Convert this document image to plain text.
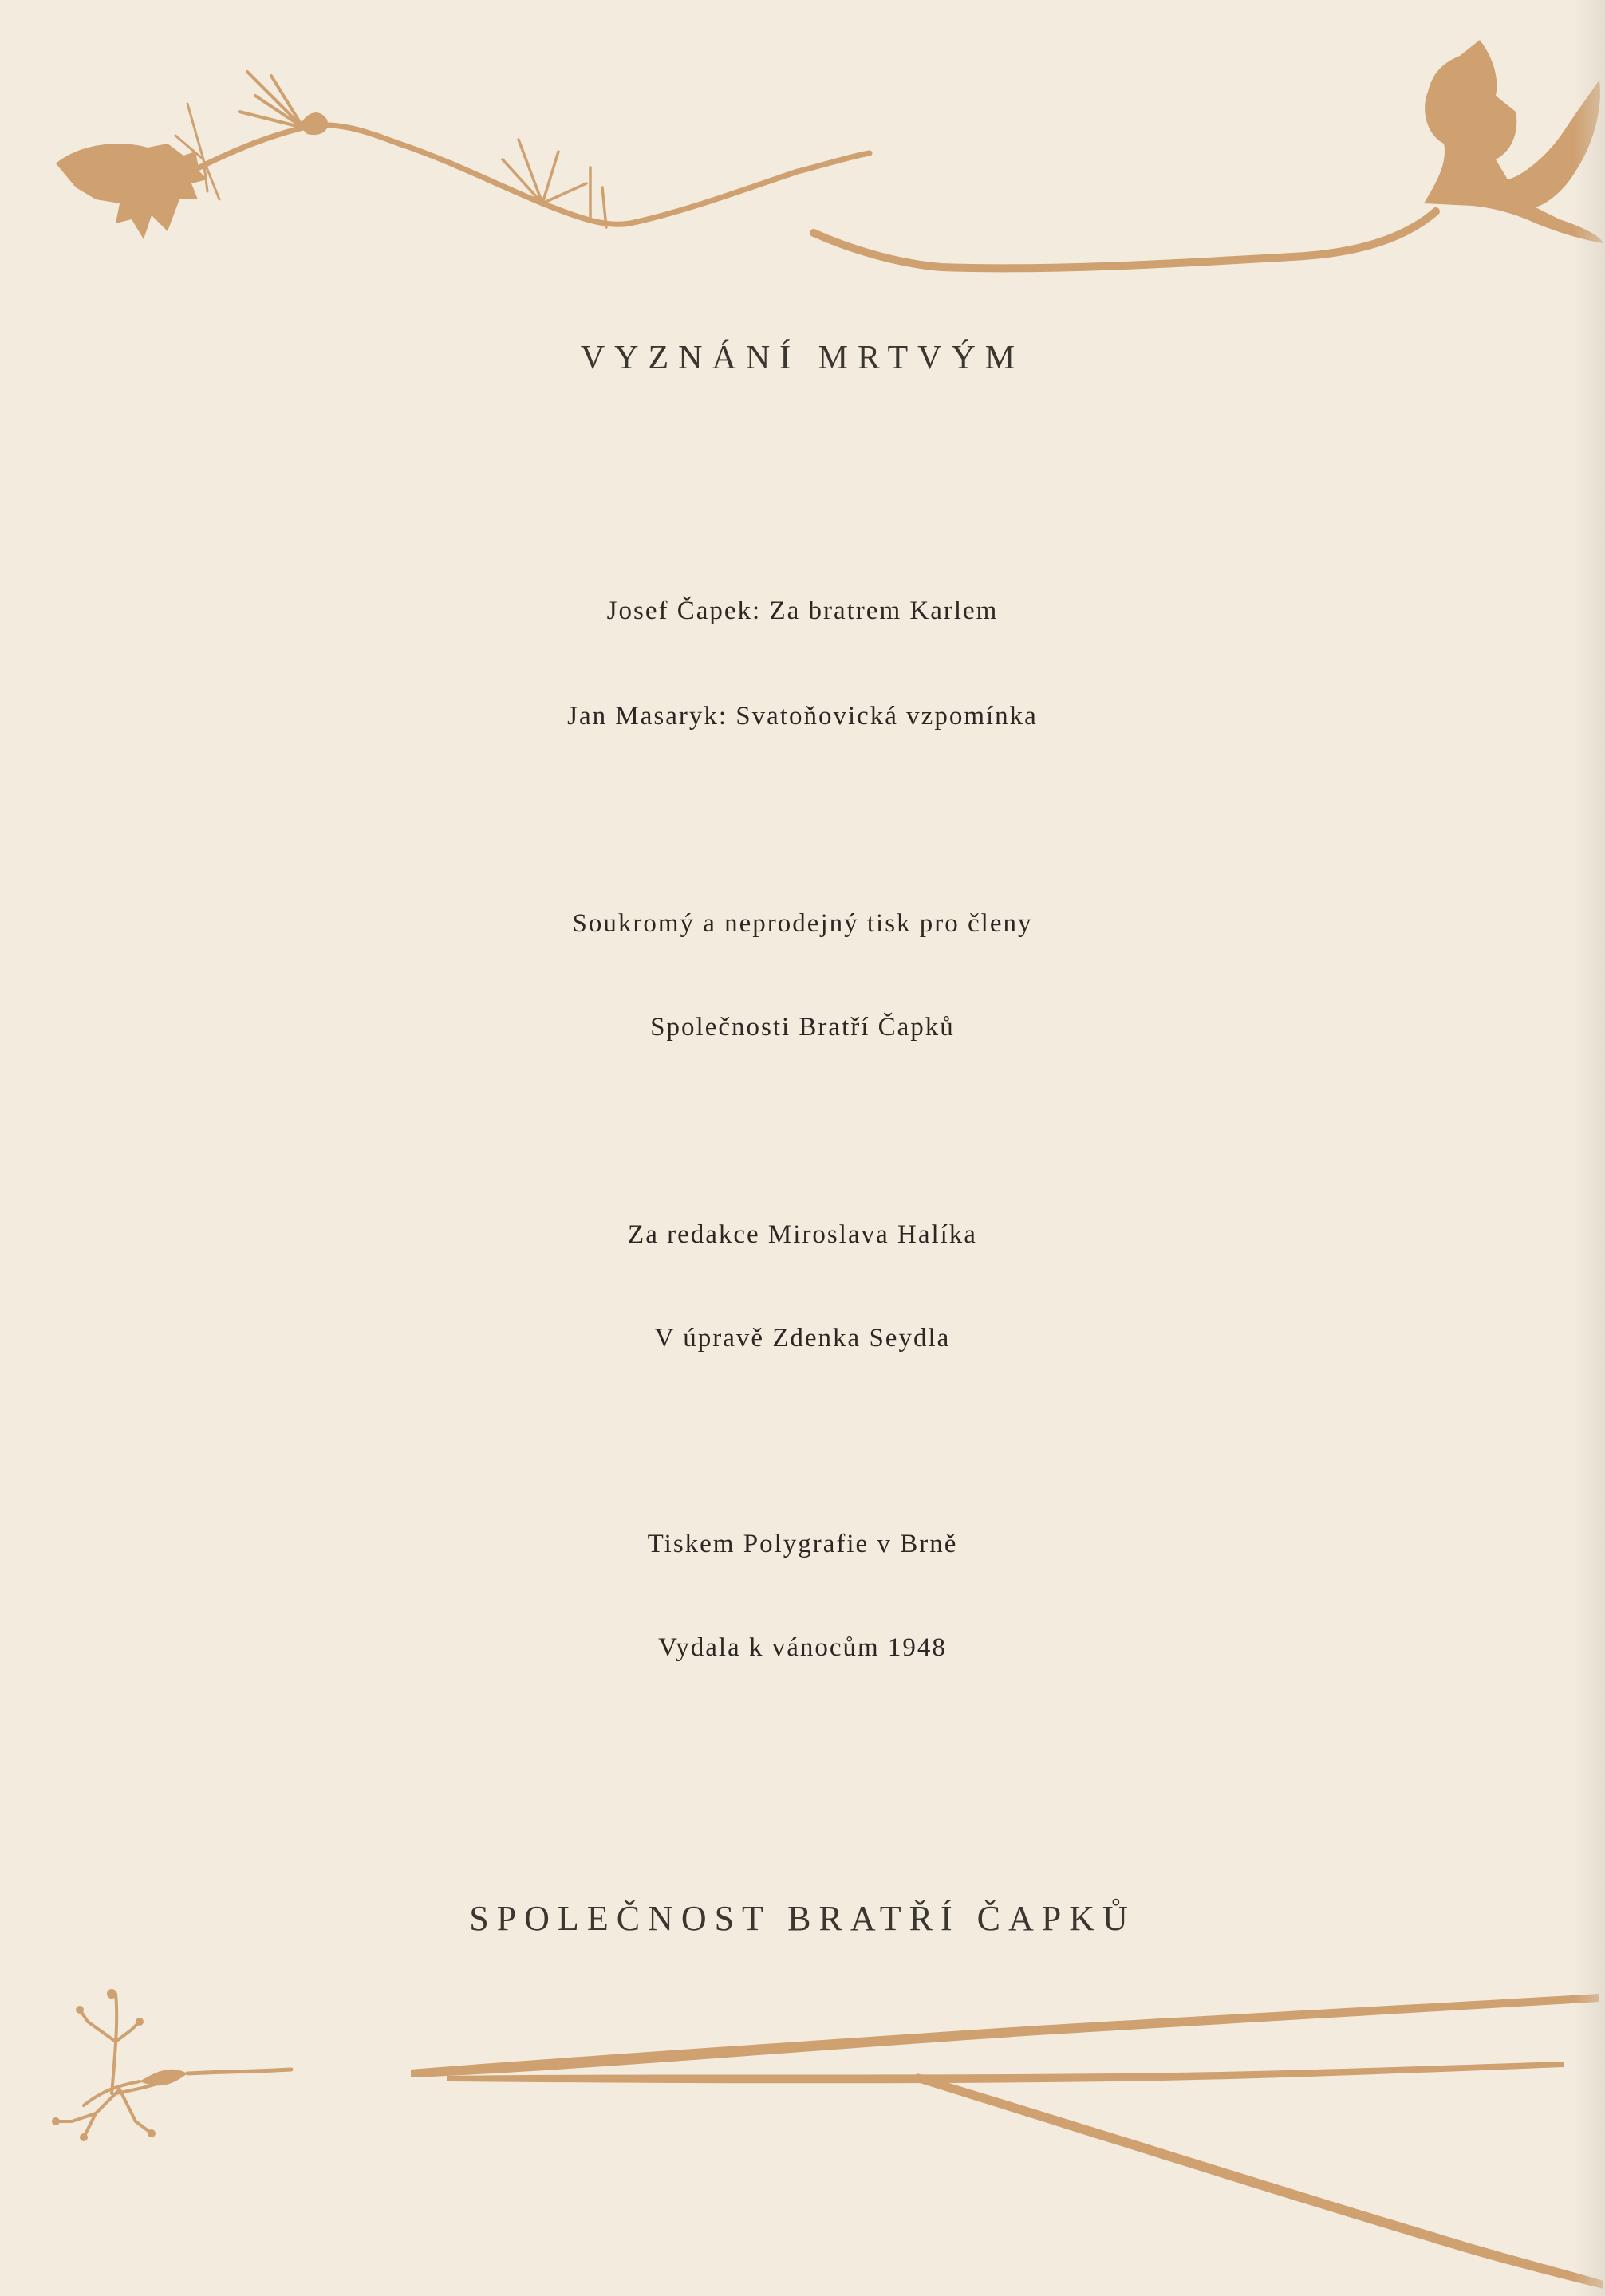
VYZNÁNÍ MRTVÝM
Josef Čapek: Za bratrem Karlem
Jan Masaryk: Svatoňovická vzpomínka
Soukromý a neprodejný tisk pro členy
Společnosti Bratří Čapků
Za redakce Miroslava Halíka
V úpravě Zdenka Seydla
Tiskem Polygrafie v Brně
Vydala k vánocům 1948
SPOLEČNOST BRATŘÍ ČAPKŮ
